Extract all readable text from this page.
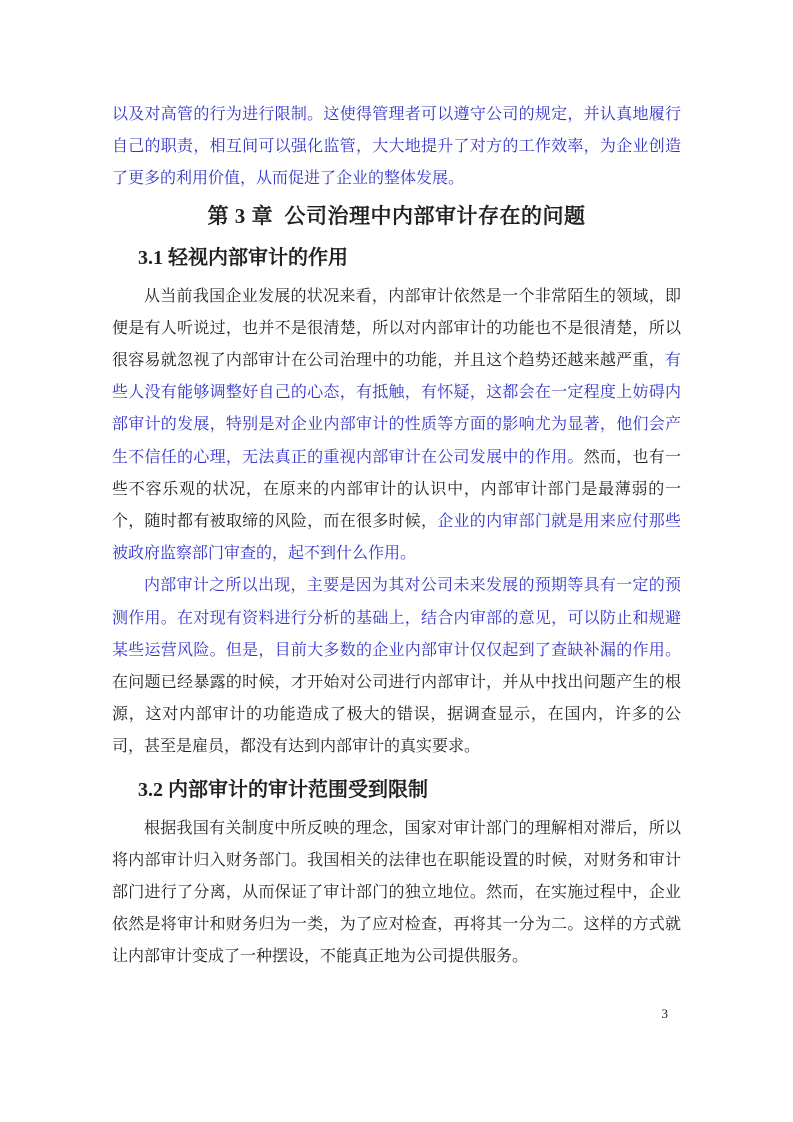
以及对高管的行为进行限制。这使得管理者可以遵守公司的规定，并认真地履行自己的职责，相互间可以强化监管，大大地提升了对方的工作效率，为企业创造了更多的利用价值，从而促进了企业的整体发展。

第 3 章  公司治理中内部审计存在的问题
3.1 轻视内部审计的作用

从当前我国企业发展的状况来看，内部审计依然是一个非常陌生的领域，即便是有人听说过，也并不是很清楚，所以对内部审计的功能也不是很清楚，所以很容易就忽视了内部审计在公司治理中的功能，并且这个趋势还越来越严重，有些人没有能够调整好自己的心态，有抵触，有怀疑，这都会在一定程度上妨碍内部审计的发展，特别是对企业内部审计的性质等方面的影响尤为显著，他们会产生不信任的心理，无法真正的重视内部审计在公司发展中的作用。然而，也有一些不容乐观的状况，在原来的内部审计的认识中，内部审计部门是最薄弱的一个，随时都有被取缔的风险，而在很多时候，企业的内审部门就是用来应付那些被政府监察部门审查的，起不到什么作用。

内部审计之所以出现，主要是因为其对公司未来发展的预期等具有一定的预测作用。在对现有资料进行分析的基础上，结合内审部的意见，可以防止和规避某些运营风险。但是，目前大多数的企业内部审计仅仅起到了查缺补漏的作用。在问题已经暴露的时候，才开始对公司进行内部审计，并从中找出问题产生的根源，这对内部审计的功能造成了极大的错误，据调查显示，在国内，许多的公司，甚至是雇员，都没有达到内部审计的真实要求。

3.2 内部审计的审计范围受到限制

根据我国有关制度中所反映的理念，国家对审计部门的理解相对滞后，所以将内部审计归入财务部门。我国相关的法律也在职能设置的时候，对财务和审计部门进行了分离，从而保证了审计部门的独立地位。然而，在实施过程中，企业依然是将审计和财务归为一类，为了应对检查，再将其一分为二。这样的方式就让内部审计变成了一种摆设，不能真正地为公司提供服务。

3
